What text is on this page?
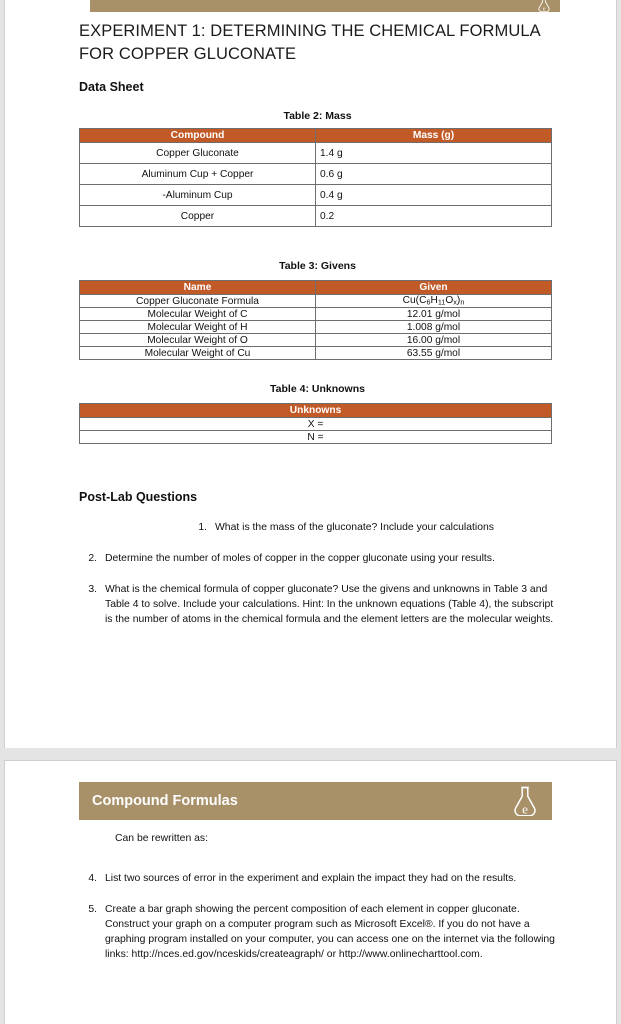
e
EXPERIMENT 1: DETERMINING THE CHEMICAL FORMULA FOR COPPER GLUCONATE
Data Sheet
Table 2: Mass
Compound	Mass (g)
Copper Gluconate	1.4 g
Aluminum Cup + Copper	0.6 g
-Aluminum Cup	0.4 g
Copper	0.2
Table 3: Givens
Name	Given
Copper Gluconate Formula	$Cu(C_6H_{11}O_x)_n$
Molecular Weight of C	12.01 g/mol
Molecular Weight of H	1.008 g/mol
Molecular Weight of O	16.00 g/mol
Molecular Weight of Cu	63.55 g/mol
Table 4: Unknowns
Unknowns
X =
N =
Post-Lab Questions
1. What is the mass of the gluconate? Include your calculations
2. Determine the number of moles of copper in the copper gluconate using your results.
3. What is the chemical formula of copper gluconate? Use the givens and unknowns in Table 3 and Table 4 to solve. Include your calculations. Hint: In the unknown equations (Table 4), the subscript is the number of atoms in the chemical formula and the element letters are the molecular weights.
Compound Formulas	e
Can be rewritten as:
4. List two sources of error in the experiment and explain the impact they had on the results.
5. Create a bar graph showing the percent composition of each element in copper gluconate. Construct your graph on a computer program such as Microsoft Excel®. If you do not have a graphing program installed on your computer, you can access one on the internet via the following links: http://nces.ed.gov/nceskids/createagraph/ or http://www.onlinecharttool.com.
